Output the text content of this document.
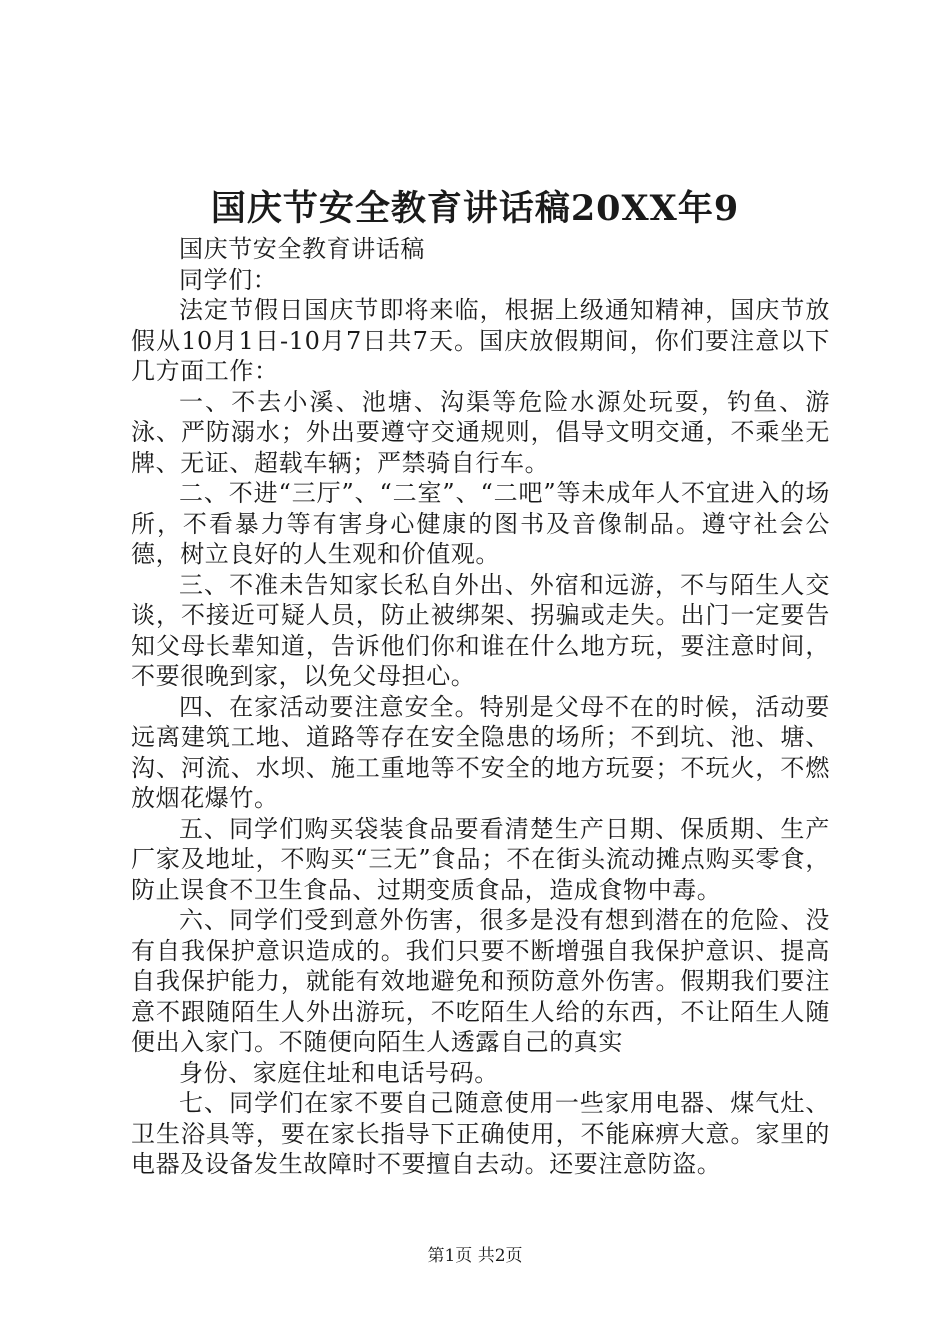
国庆节安全教育讲话稿20XX年9

国庆节安全教育讲话稿

同学们：

法定节假日国庆节即将来临，根据上级通知精神，国庆节放假从10月1日-10月7日共7天。国庆放假期间，你们要注意以下几方面工作：

一、不去小溪、池塘、沟渠等危险水源处玩耍，钓鱼、游泳、严防溺水；外出要遵守交通规则，倡导文明交通，不乘坐无牌、无证、超载车辆；严禁骑自行车。

二、不进“三厅”、“二室”、“二吧”等未成年人不宜进入的场所，不看暴力等有害身心健康的图书及音像制品。遵守社会公德，树立良好的人生观和价值观。

三、不准未告知家长私自外出、外宿和远游，不与陌生人交谈，不接近可疑人员，防止被绑架、拐骗或走失。出门一定要告知父母长辈知道，告诉他们你和谁在什么地方玩，要注意时间，不要很晚到家，以免父母担心。

四、在家活动要注意安全。特别是父母不在的时候，活动要远离建筑工地、道路等存在安全隐患的场所；不到坑、池、塘、沟、河流、水坝、施工重地等不安全的地方玩耍；不玩火，不燃放烟花爆竹。

五、同学们购买袋装食品要看清楚生产日期、保质期、生产厂家及地址，不购买“三无”食品；不在街头流动摊点购买零食，防止误食不卫生食品、过期变质食品，造成食物中毒。

六、同学们受到意外伤害，很多是没有想到潜在的危险、没有自我保护意识造成的。我们只要不断增强自我保护意识、提高自我保护能力，就能有效地避免和预防意外伤害。假期我们要注意不跟随陌生人外出游玩，不吃陌生人给的东西，不让陌生人随便出入家门。不随便向陌生人透露自己的真实

身份、家庭住址和电话号码。

七、同学们在家不要自己随意使用一些家用电器、煤气灶、卫生浴具等，要在家长指导下正确使用，不能麻痹大意。家里的电器及设备发生故障时不要擅自去动。还要注意防盗。

第1页 共2页
